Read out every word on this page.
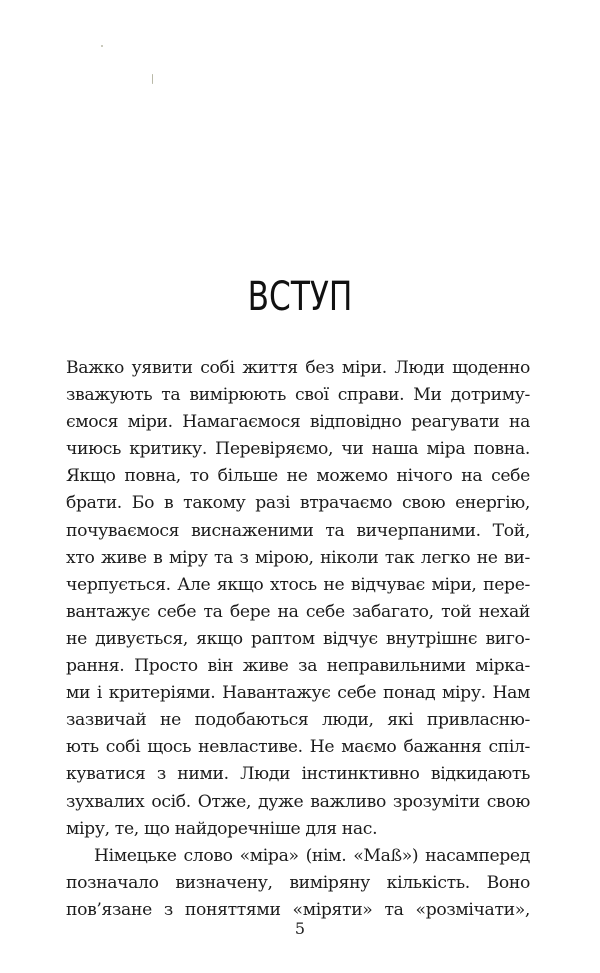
ВСТУП
Важко уявити собі життя без міри. Люди щоденно
зважують та вимірюють свої справи. Ми дотриму-
ємося міри. Намагаємося відповідно реагувати на
чиюсь критику. Перевіряємо, чи наша міра повна.
Якщо повна, то більше не можемо нічого на себе
брати. Бо в такому разі втрачаємо свою енергію,
почуваємося виснаженими та вичерпаними. Той,
хто живе в міру та з мірою, ніколи так легко не ви-
черпується. Але якщо хтось не відчуває міри, пере-
вантажує себе та бере на себе забагато, той нехай
не дивується, якщо раптом відчує внутрішнє виго-
рання. Просто він живе за неправильними мірка-
ми і критеріями. Навантажує себе понад міру. Нам
зазвичай не подобаються люди, які привласню-
ють собі щось невластиве. Не маємо бажання спіл-
куватися з ними. Люди інстинктивно відкидають
зухвалих осіб. Отже, дуже важливо зрозуміти свою
міру, те, що найдоречніше для нас.
Німецьке слово «міра» (нім. «Maß») насамперед
позначало визначену, виміряну кількість. Воно
пов’язане з поняттями «міряти» та «розмічати»,
5
